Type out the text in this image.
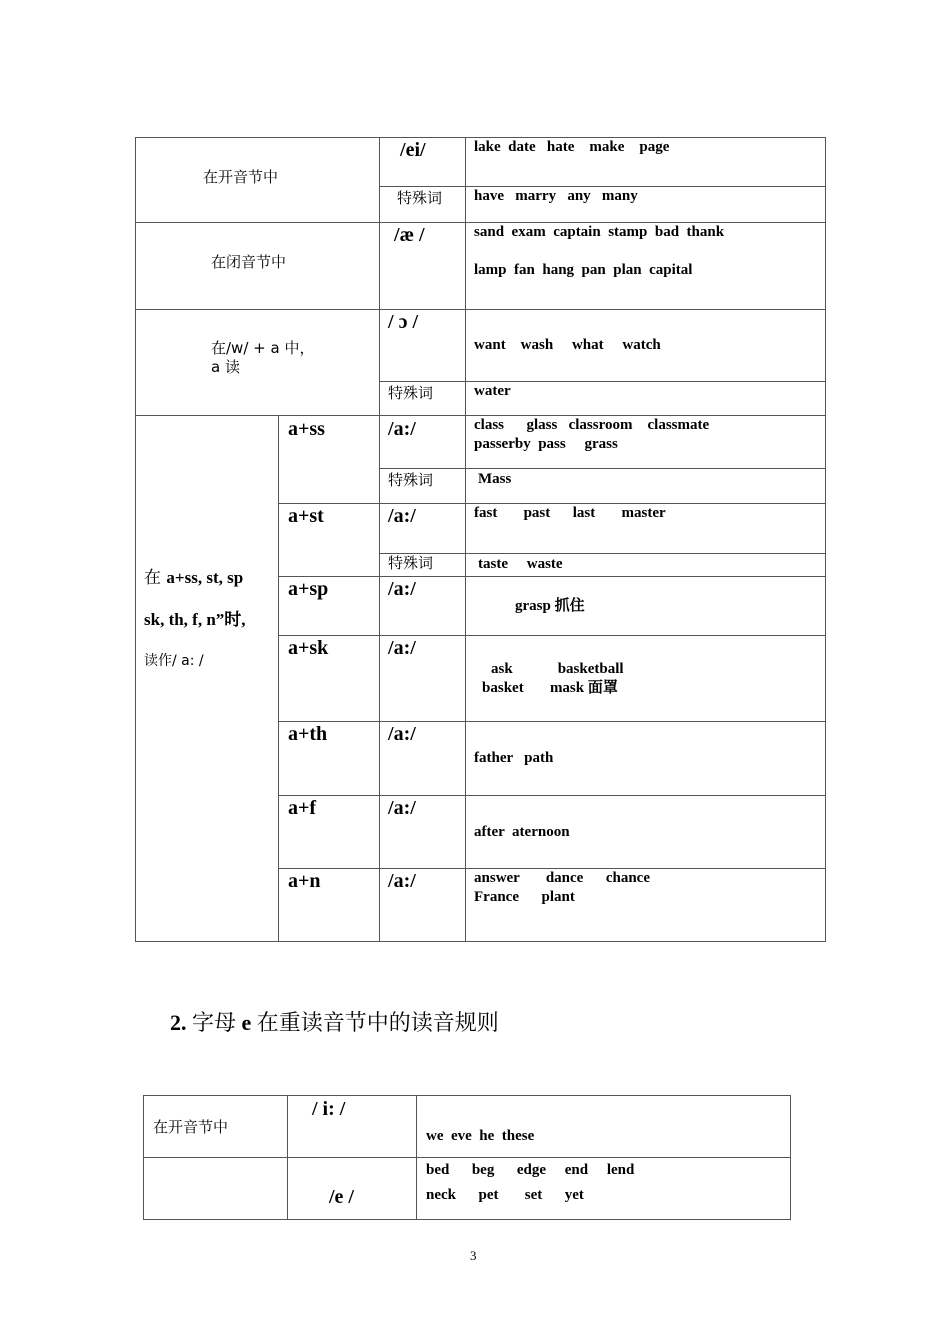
在开音节中		/ei/	lake  date   hate    make    page

		特殊词	have   marry   any   many

在闭音节中		/æ /	sand  exam  captain  stamp  bad  thank
lamp  fan  hang  pan  plan  capital

在/w/ + a 中，
a 读		/ ɔ /	want    wash     what     watch

		特殊词	water

在 a+ss, st, sp
sk, th, f, n”时,
读作/ a: /	a+ss	/a:/	class      glass   classroom    classmate
passerby  pass     grass

		特殊词	Mass

	a+st	/a:/	fast       past      last       master

		特殊词	taste     waste

	a+sp	/a:/	grasp 抓住

	a+sk	/a:/	ask            basketball
basket       mask 面罩

	a+th	/a:/	father   path

	a+f	/a:/	after  aternoon

	a+n	/a:/	answer       dance      chance
France      plant
2. 字母 e 在重读音节中的读音规则
在开音节中	/ i: /	we  eve  he  these

	/e /	bed      beg      edge     end     lend
neck      pet       set      yet
3
